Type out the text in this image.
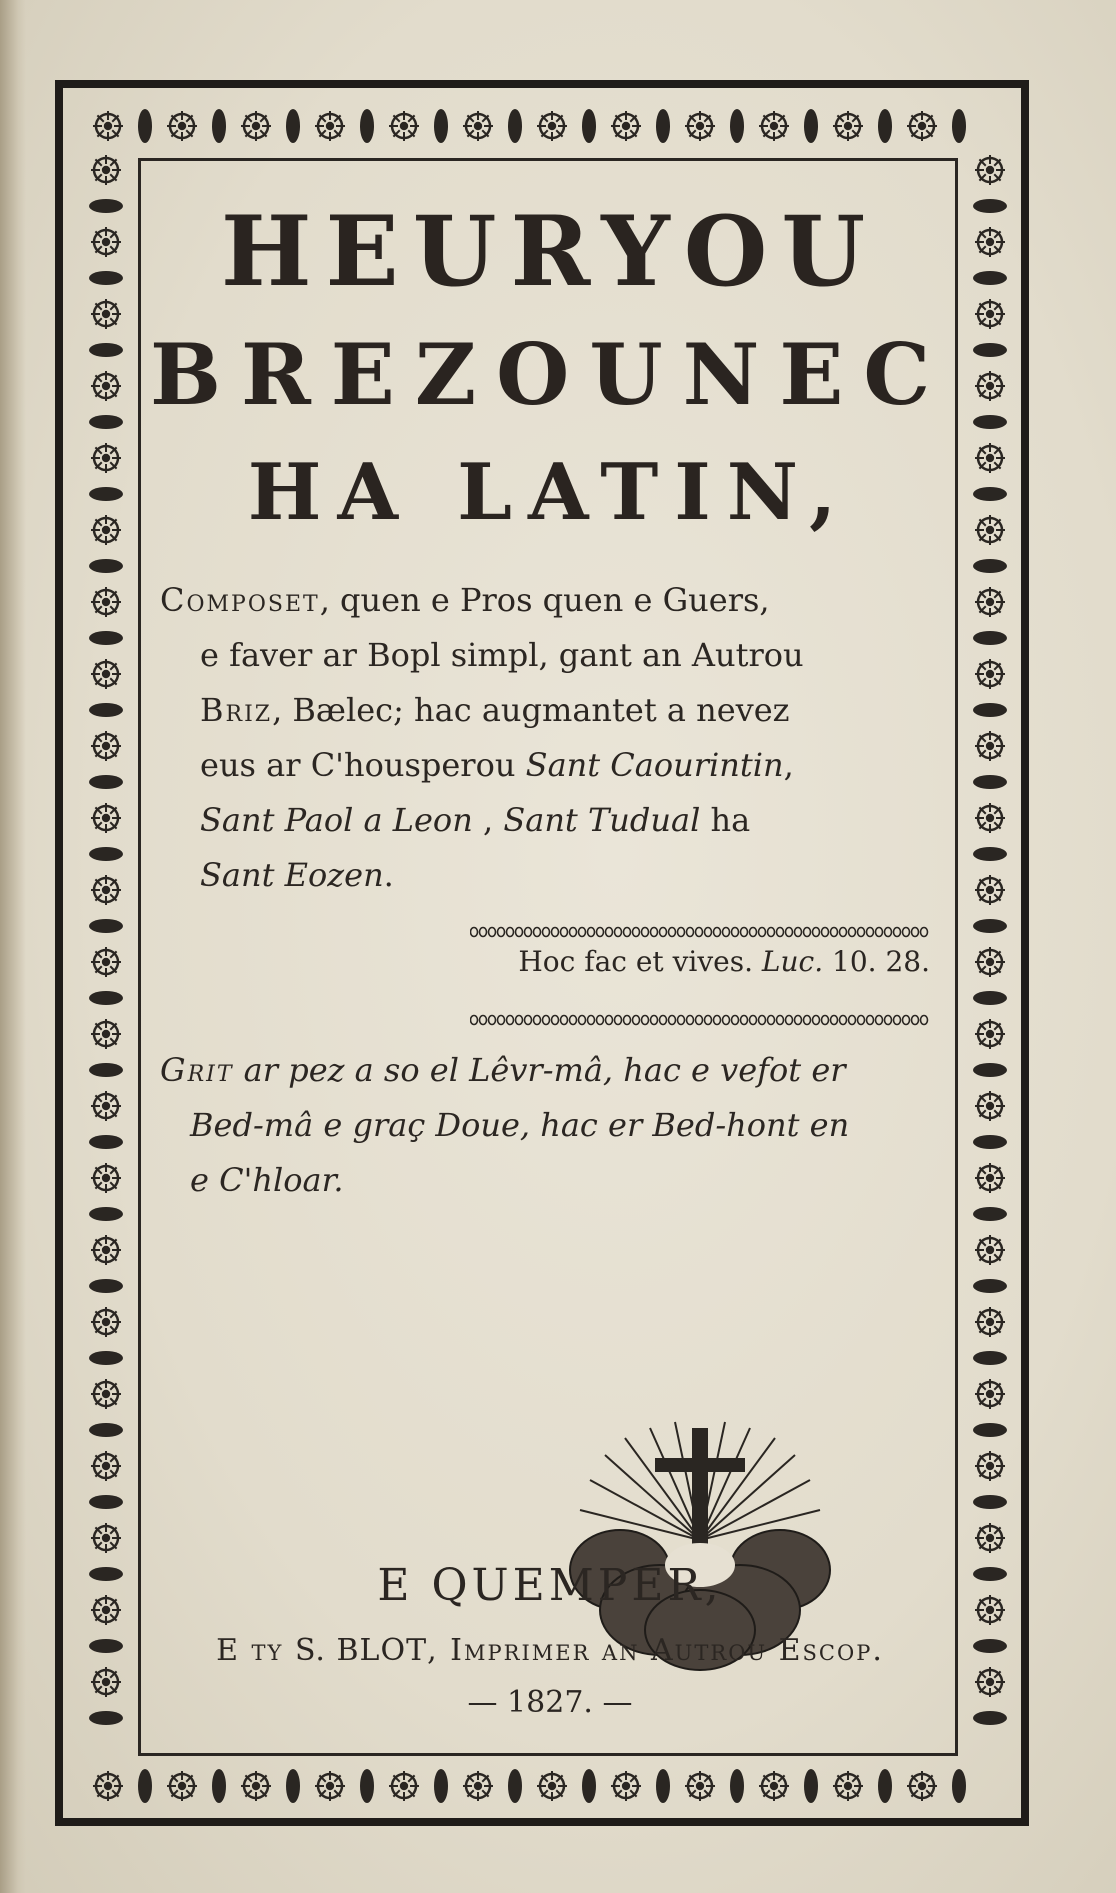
HEURYOU
BREZOUNEC
HA LATIN,
Composet, quen e Pros quen e Guers,
e faver ar Bopl simpl, gant an Autrou
Briz, Bælec; hac augmantet a nevez
eus ar C'housperou Sant Caourintin,
Sant Paol a Leon , Sant Tudual ha
Sant Eozen.
Hoc fac et vives. Luc. 10. 28.
Grit ar pez a so el Lêvr-mâ, hac e vefot er
Bed-mâ e graç Doue, hac er Bed-hont en
e C'hloar.
E QUEMPER,
E ty S. BLOT, Imprimer an Autrou Escop.
— 1827. —
